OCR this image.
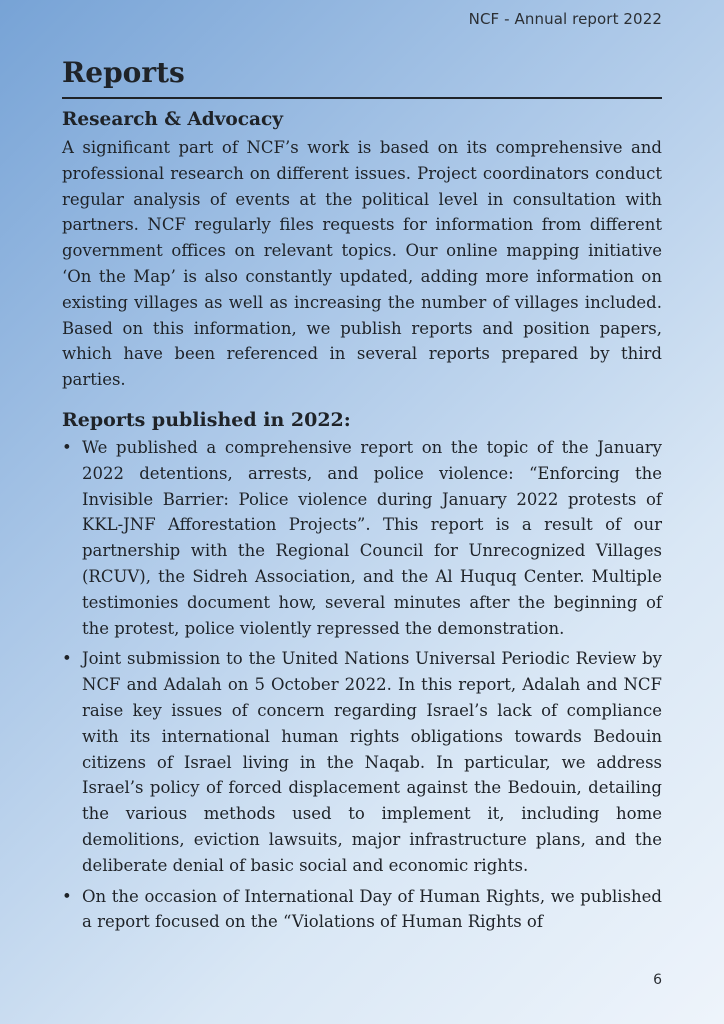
NCF - Annual report 2022
Reports
Research & Advocacy

A significant part of NCF’s work is based on its comprehensive and professional research on different issues. Project coordinators conduct regular analysis of events at the political level in consultation with partners. NCF regularly files requests for information from different government offices on relevant topics. Our online mapping initiative ‘On the Map’ is also constantly updated, adding more information on existing villages as well as increasing the number of villages included. Based on this information, we publish reports and position papers, which have been referenced in several reports prepared by third parties.

Reports published in 2022:
• We published a comprehensive report on the topic of the January 2022 detentions, arrests, and police violence: “Enforcing the Invisible Barrier: Police violence during January 2022 protests of KKL-JNF Afforestation Projects”. This report is a result of our partnership with the Regional Council for Unrecognized Villages (RCUV), the Sidreh Association, and the Al Huquq Center. Multiple testimonies document how, several minutes after the beginning of the protest, police violently repressed the demonstration.
• Joint submission to the United Nations Universal Periodic Review by NCF and Adalah on 5 October 2022. In this report, Adalah and NCF raise key issues of concern regarding Israel’s lack of compliance with its international human rights obligations towards Bedouin citizens of Israel living in the Naqab. In particular, we address Israel’s policy of forced displacement against the Bedouin, detailing the various methods used to implement it, including home demolitions, eviction lawsuits, major infrastructure plans, and the deliberate denial of basic social and economic rights.
• On the occasion of International Day of Human Rights, we published a report focused on the “Violations of Human Rights of
6
